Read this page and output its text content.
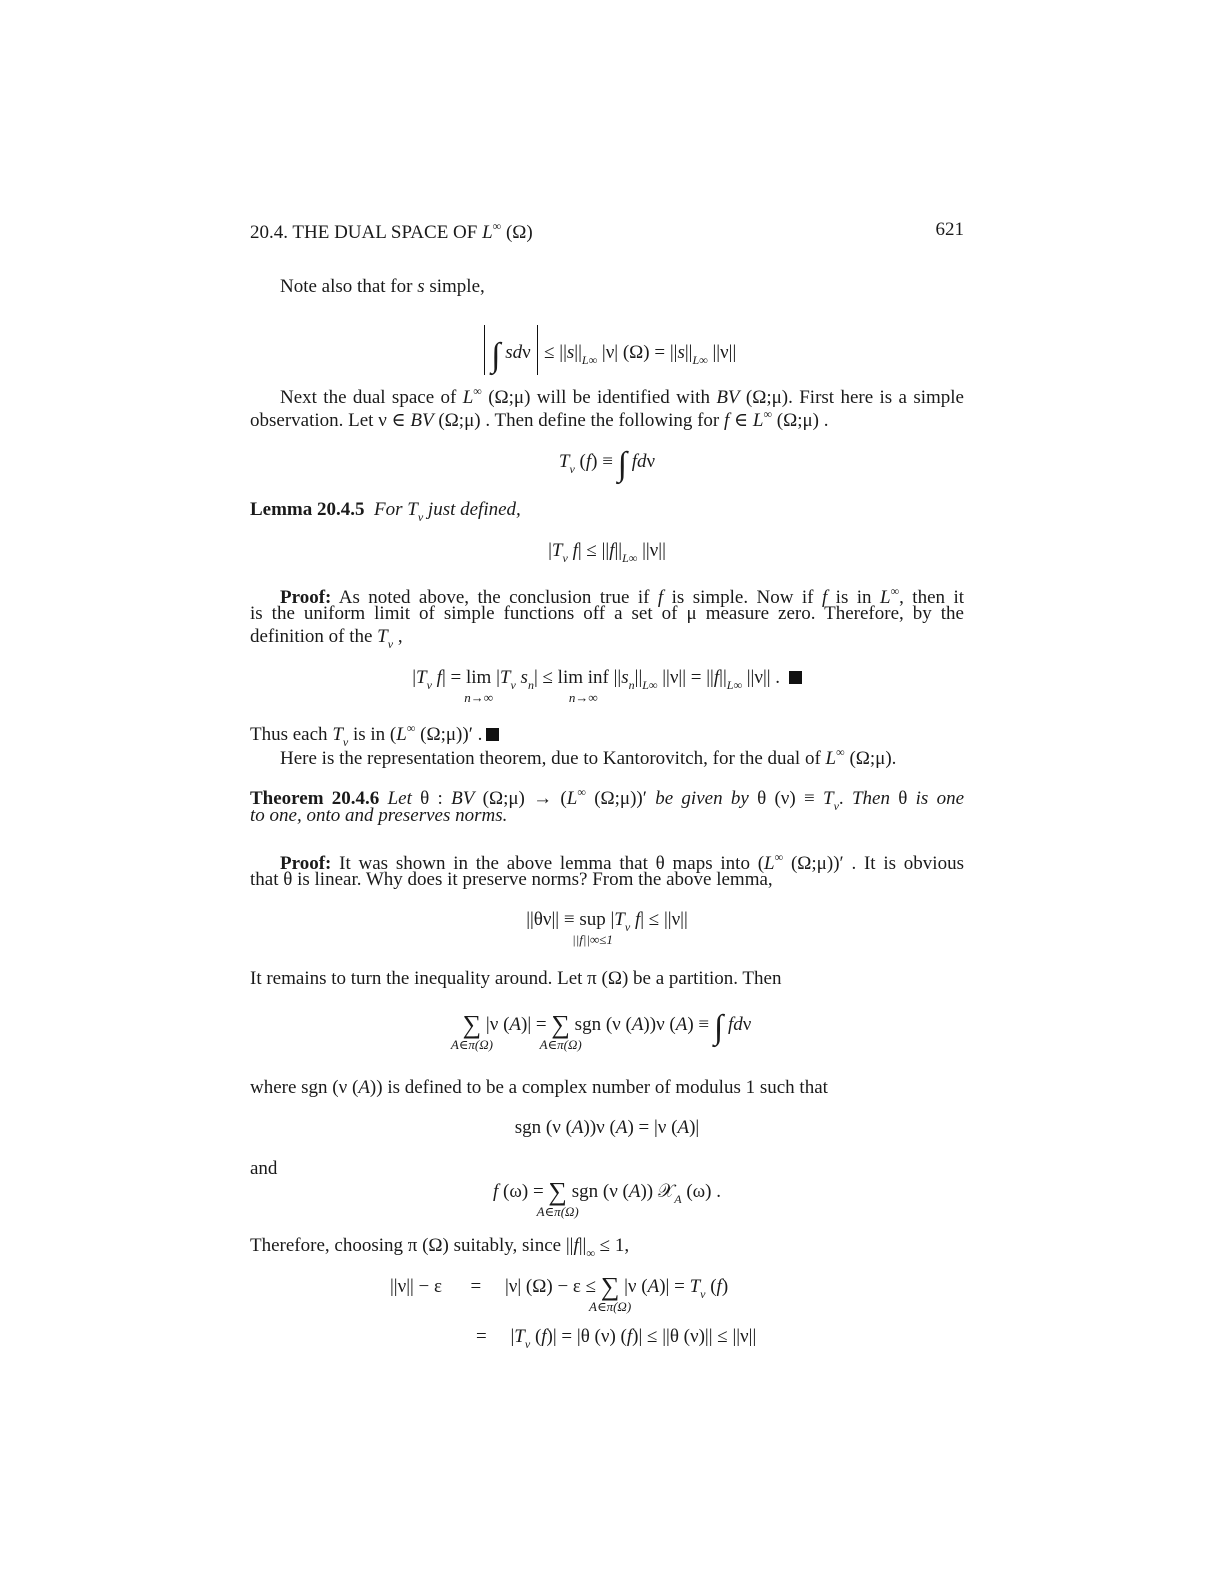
20.4. THE DUAL SPACE OF L∞ (Ω)	621
Note also that for s simple,
∫ $sd\nu \le ||s||_{L\infty}$ |ν| $(\Omega) = ||s||_{L\infty}$ ||ν||
Next the dual space of L∞ (Ω;μ) will be identified with BV (Ω;μ). First here is a simple
observation. Let ν ∈ BV (Ω;μ) . Then define the following for f ∈ L∞ (Ω;μ) .
$T_\nu$ (f) ≡ ∫ fdν
Lemma 20.4.5 For $T_\nu$ just defined,
$|T_\nu$ $f| \le ||f||_{L\infty}$ ||ν||
Proof: As noted above, the conclusion true if f is simple. Now if f is in L∞, then it
is the uniform limit of simple functions off a set of μ measure zero. Therefore, by the
definition of the $T_\nu$ ,
$|T_\nu$ f| = lim
n→∞
$|T_\nu$ $s_n| \le \lim$ inf
n→∞
$||s_n||_{L\infty}$ $||\nu|| = ||f||_{L\infty}$ ||ν|| .
Thus each $T_\nu$ is in (L∞ (Ω;μ))′ .
Here is the representation theorem, due to Kantorovitch, for the dual of L∞ (Ω;μ).
Theorem 20.4.6 Let θ : BV (Ω;μ) → (L∞ (Ω;μ))′ be given by θ $(\nu) \equiv T_\nu$. Then θ is one
to one, onto and preserves norms.
Proof: It was shown in the above lemma that θ maps into (L∞ (Ω;μ))′ . It is obvious
that θ is linear. Why does it preserve norms? From the above lemma,
||θν|| ≡ sup
||f||∞≤1
$|T_\nu$ f| ≤ ||ν||
It remains to turn the inequality around. Let π (Ω) be a partition. Then
∑
A∈π(Ω)
|ν (A)| = ∑
A∈π(Ω)
sgn (ν (A))ν (A) ≡ ∫ fdν
where sgn (ν (A)) is defined to be a complex number of modulus 1 such that
sgn (ν (A))ν (A) = |ν (A)|
and
f (ω) = ∑
A∈π(Ω)
sgn (ν (A)) 𝒳$_A$ (ω) .
Therefore, choosing π (Ω) suitably, since $||f||_\infty \le 1$,
||ν|| − ε      =     |ν| (Ω) − ε ≤ ∑
A∈π(Ω)
|ν $(A)| = T_\nu$ (f)
=     $|T_\nu$ (f)| = |θ (ν) (f)| ≤ ||θ (ν)|| ≤ ||ν||
